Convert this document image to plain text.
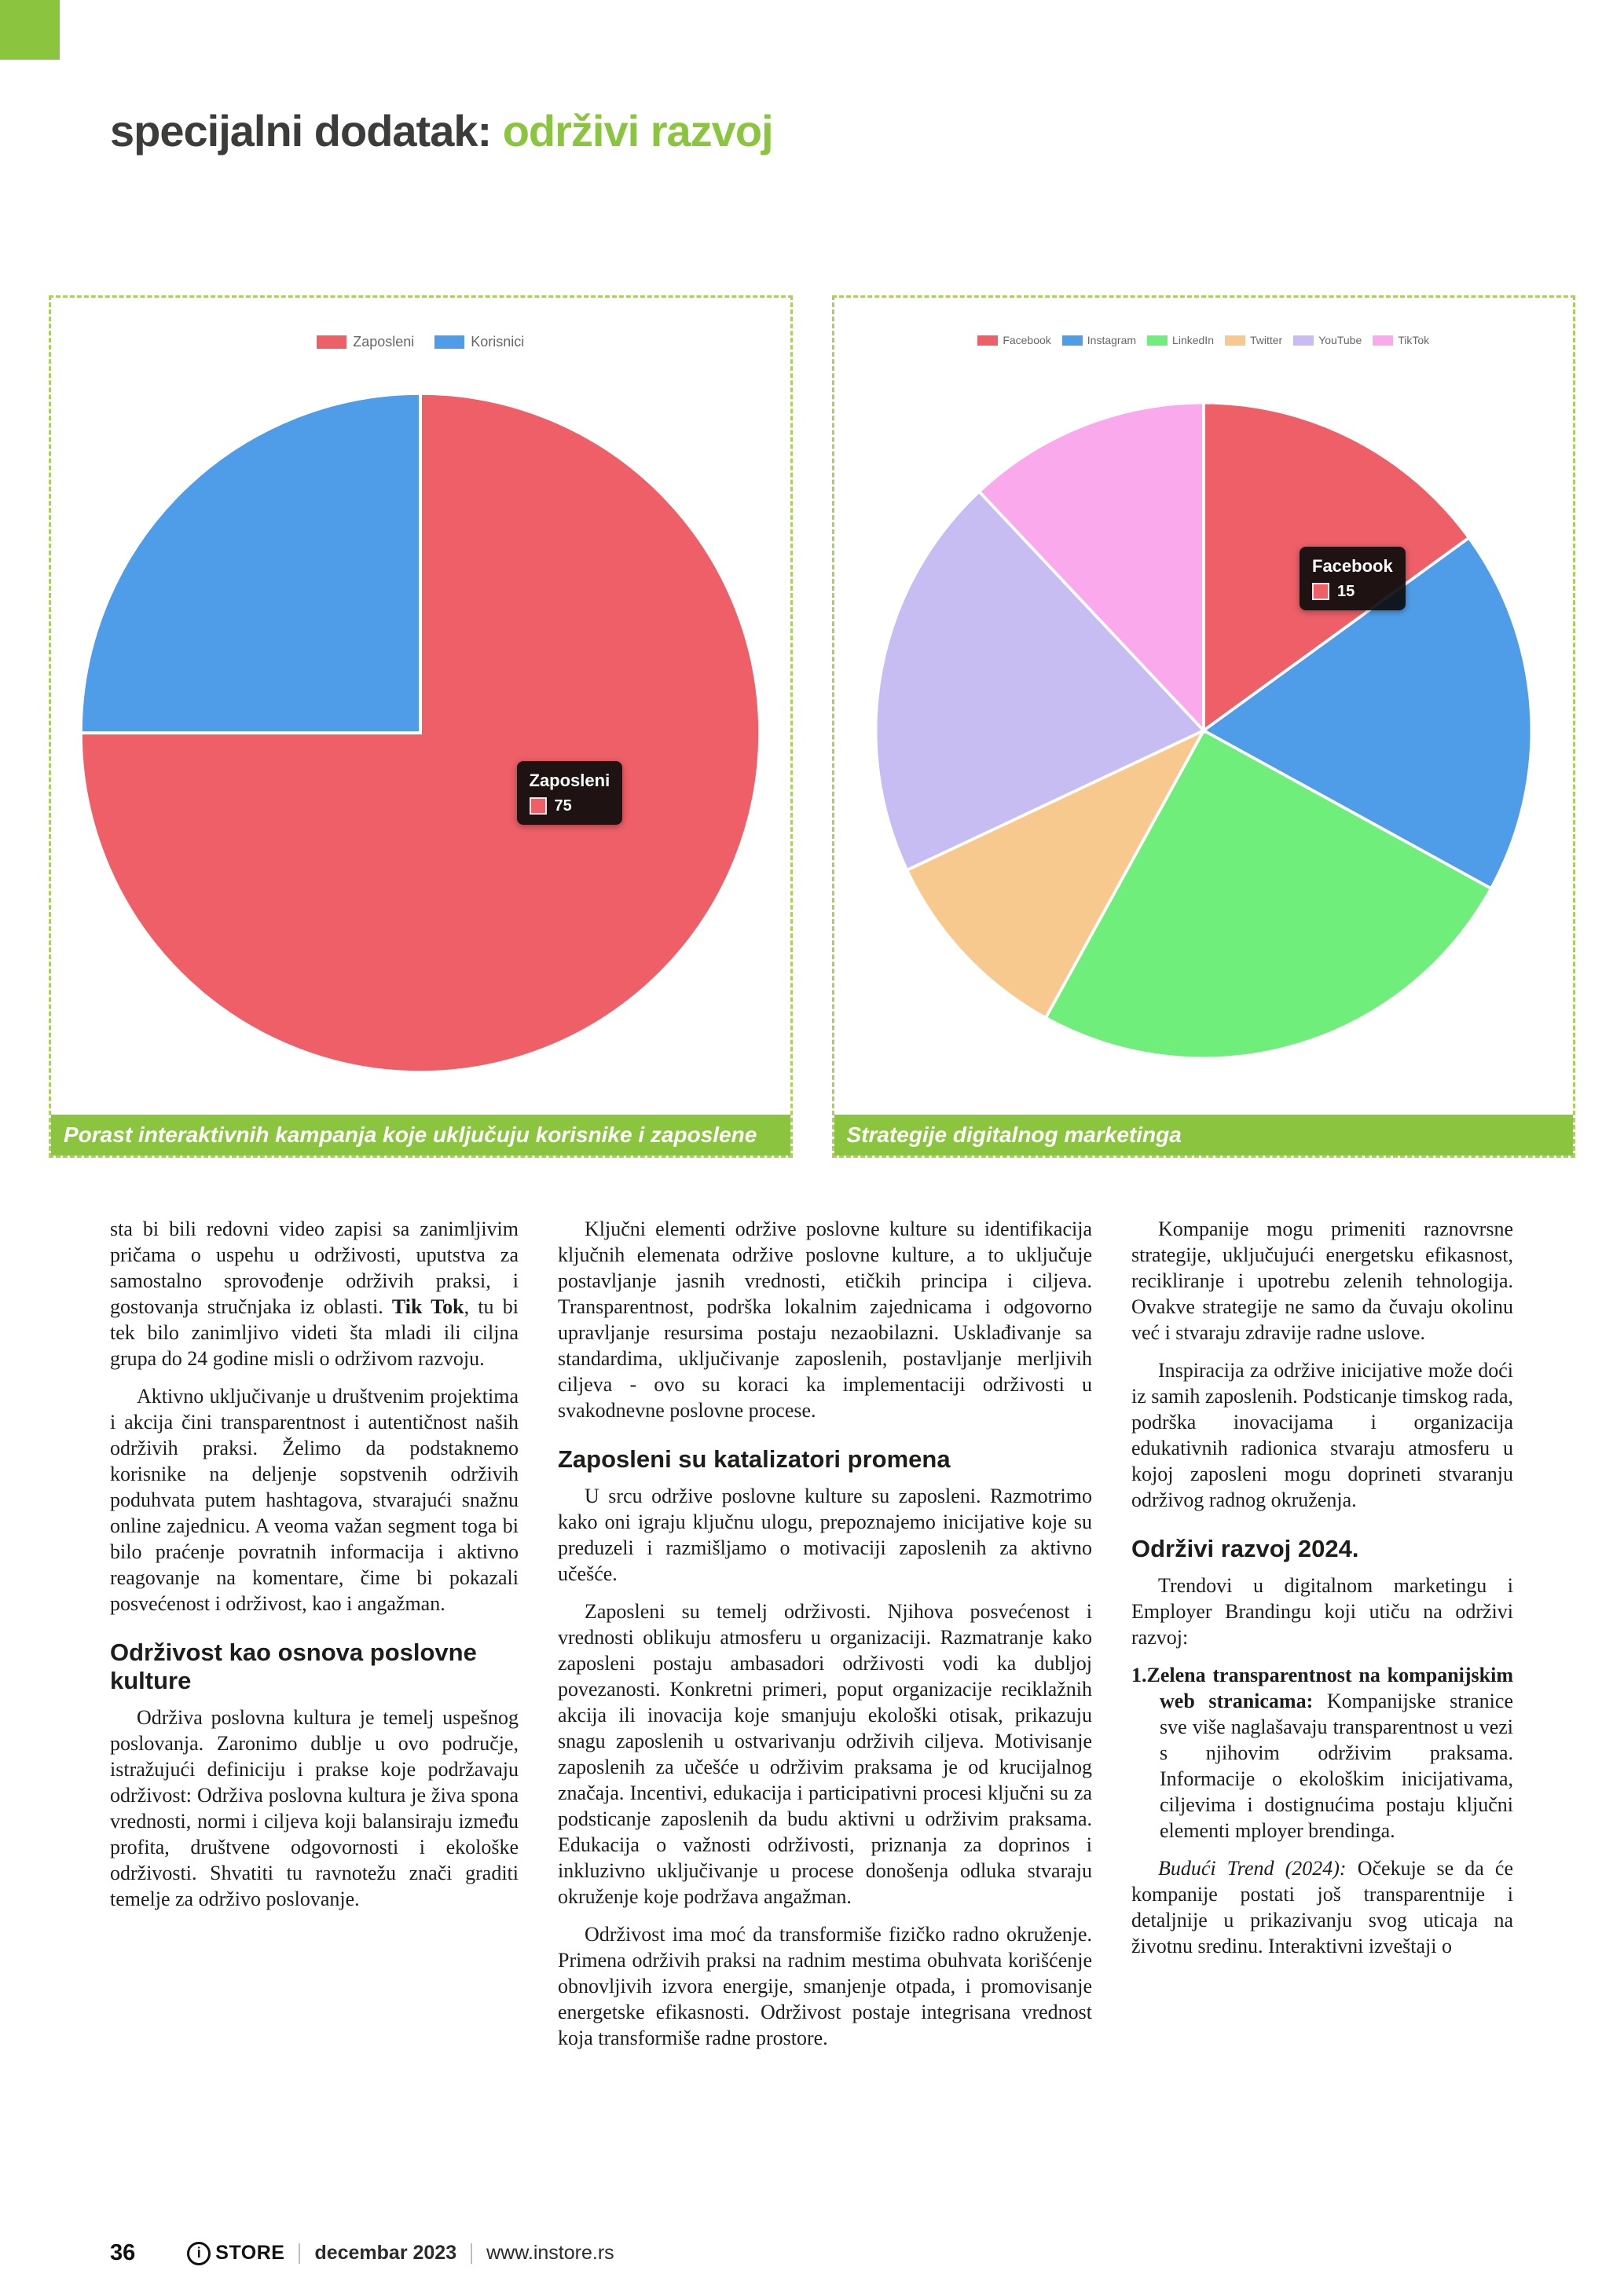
specijalni dodatak: održivi razvoj
Zaposleni	Korisnici
Zaposleni
75
Porast interaktivnih kampanja koje uključuju korisnike i zaposlene
Facebook	Instagram	LinkedIn	Twitter	YouTube	TikTok
Facebook
15
Strategije digitalnog marketinga

sta bi bili redovni video zapisi sa zanimljivim pričama o uspehu u održivosti, uputstva za samostalno sprovođenje održivih praksi, i gostovanja stručnjaka iz oblasti. Tik Tok, tu bi tek bilo zanimljivo videti šta mladi ili ciljna grupa do 24 godine misli o održivom razvoju.

Aktivno uključivanje u društvenim projektima i akcija čini transparentnost i autentičnost naših održivih praksi. Želimo da podstaknemo korisnike na deljenje sopstvenih održivih poduhvata putem hashtagova, stvarajući snažnu online zajednicu. A veoma važan segment toga bi bilo praćenje povratnih informacija i aktivno reagovanje na komentare, čime bi pokazali posvećenost i održivost, kao i angažman.

Održivost kao osnova poslovne kulture

Održiva poslovna kultura je temelj uspešnog poslovanja. Zaronimo dublje u ovo područje, istražujući definiciju i prakse koje podržavaju održivost: Održiva poslovna kultura je živa spona vrednosti, normi i ciljeva koji balansiraju između profita, društvene odgovornosti i ekološke održivosti. Shvatiti tu ravnotežu znači graditi temelje za održivo poslovanje.

Ključni elementi održive poslovne kulture su identifikacija ključnih elemenata održive poslovne kulture, a to uključuje postavljanje jasnih vrednosti, etičkih principa i ciljeva. Transparentnost, podrška lokalnim zajednicama i odgovorno upravljanje resursima postaju nezaobilazni. Usklađivanje sa standardima, uključivanje zaposlenih, postavljanje merljivih ciljeva - ovo su koraci ka implementaciji održivosti u svakodnevne poslovne procese.

Zaposleni su katalizatori promena

U srcu održive poslovne kulture su zaposleni. Razmotrimo kako oni igraju ključnu ulogu, prepoznajemo inicijative koje su preduzeli i razmišljamo o motivaciji zaposlenih za aktivno učešće.

Zaposleni su temelj održivosti. Njihova posvećenost i vrednosti oblikuju atmosferu u organizaciji. Razmatranje kako zaposleni postaju ambasadori održivosti vodi ka dubljoj povezanosti. Konkretni primeri, poput organizacije reciklažnih akcija ili inovacija koje smanjuju ekološki otisak, prikazuju snagu zaposlenih u ostvarivanju održivih ciljeva. Motivisanje zaposlenih za učešće u održivim praksama je od krucijalnog značaja. Incentivi, edukacija i participativni procesi ključni su za podsticanje zaposlenih da budu aktivni u održivim praksama. Edukacija o važnosti održivosti, priznanja za doprinos i inkluzivno uključivanje u procese donošenja odluka stvaraju okruženje koje podržava angažman.

Održivost ima moć da transformiše fizičko radno okruženje. Primena održivih praksi na radnim mestima obuhvata korišćenje obnovljivih izvora energije, smanjenje otpada, i promovisanje energetske efikasnosti. Održivost postaje integrisana vrednost koja transformiše radne prostore.

Kompanije mogu primeniti raznovrsne strategije, uključujući energetsku efikasnost, recikliranje i upotrebu zelenih tehnologija. Ovakve strategije ne samo da čuvaju okolinu već i stvaraju zdravije radne uslove.

Inspiracija za održive inicijative može doći iz samih zaposlenih. Podsticanje timskog rada, podrška inovacijama i organizacija edukativnih radionica stvaraju atmosferu u kojoj zaposleni mogu doprineti stvaranju održivog radnog okruženja.

Održivi razvoj 2024.

Trendovi u digitalnom marketingu i Employer Brandingu koji utiču na održivi razvoj:

1.Zelena transparentnost na kompanijskim web stranicama: Kompanijske stranice sve više naglašavaju transparentnost u vezi s njihovim održivim praksama. Informacije o ekološkim inicijativama, ciljevima i dostignućima postaju ključni elementi mployer brendinga.

Budući Trend (2024): Očekuje se da će kompanije postati još transparentnije i detaljnije u prikazivanju svog uticaja na životnu sredinu. Interaktivni izveštaji o

36	i STORE decembar 2023 www.instore.rs
